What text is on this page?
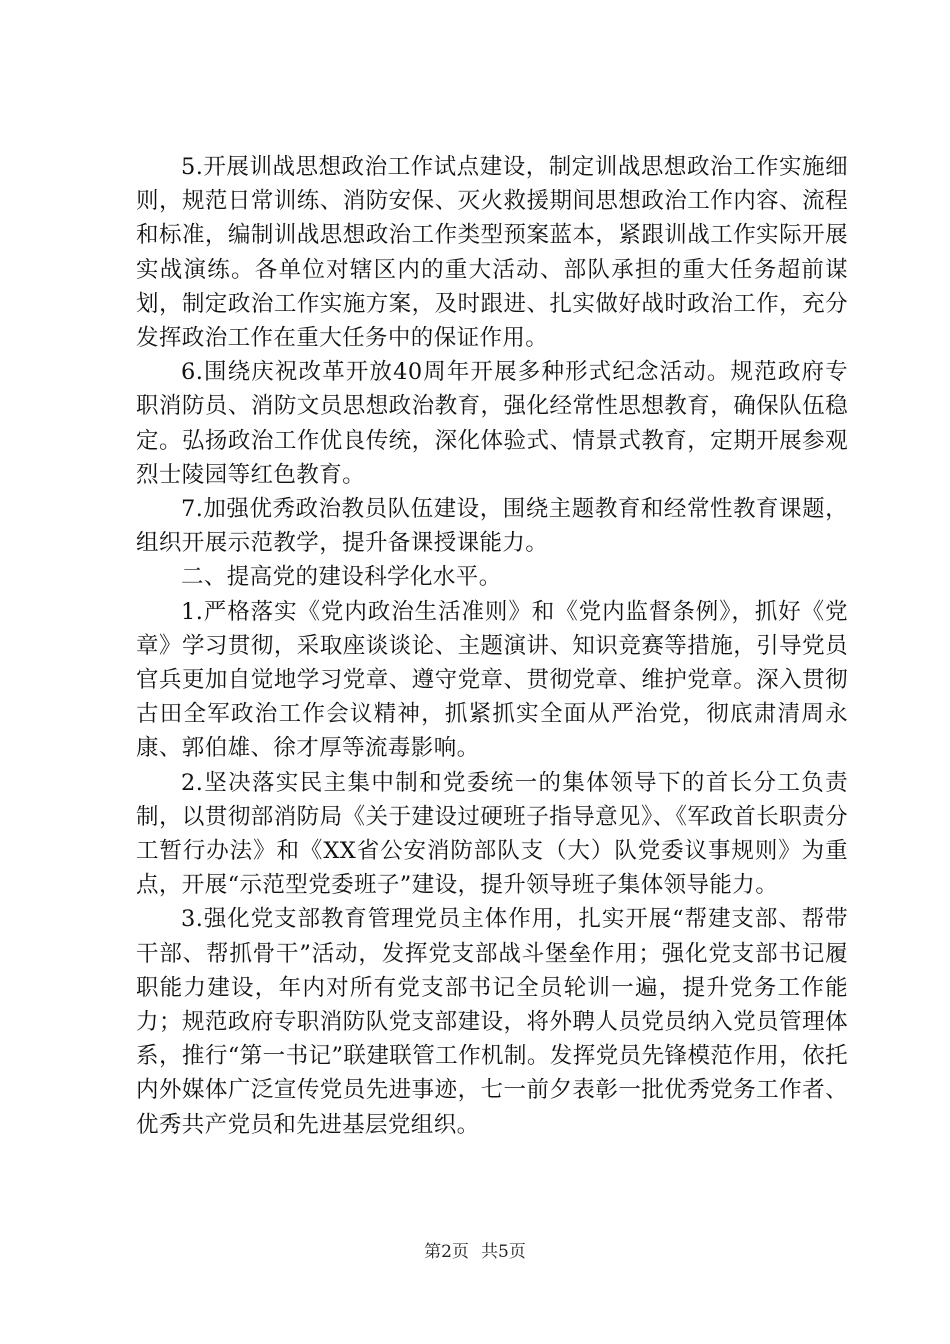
5.开展训战思想政治工作试点建设，制定训战思想政治工作实施细则，规范日常训练、消防安保、灭火救援期间思想政治工作内容、流程和标准，编制训战思想政治工作类型预案蓝本，紧跟训战工作实际开展实战演练。各单位对辖区内的重大活动、部队承担的重大任务超前谋划，制定政治工作实施方案，及时跟进、扎实做好战时政治工作，充分发挥政治工作在重大任务中的保证作用。

6.围绕庆祝改革开放40周年开展多种形式纪念活动。规范政府专职消防员、消防文员思想政治教育，强化经常性思想教育，确保队伍稳定。弘扬政治工作优良传统，深化体验式、情景式教育，定期开展参观烈士陵园等红色教育。

7.加强优秀政治教员队伍建设，围绕主题教育和经常性教育课题，组织开展示范教学，提升备课授课能力。

二、提高党的建设科学化水平。

1.严格落实《党内政治生活准则》和《党内监督条例》，抓好《党章》学习贯彻，采取座谈谈论、主题演讲、知识竞赛等措施，引导党员官兵更加自觉地学习党章、遵守党章、贯彻党章、维护党章。深入贯彻古田全军政治工作会议精神，抓紧抓实全面从严治党，彻底肃清周永康、郭伯雄、徐才厚等流毒影响。

2.坚决落实民主集中制和党委统一的集体领导下的首长分工负责制，以贯彻部消防局《关于建设过硬班子指导意见》、《军政首长职责分工暂行办法》和《XX省公安消防部队支（大）队党委议事规则》为重点，开展“示范型党委班子”建设，提升领导班子集体领导能力。

3.强化党支部教育管理党员主体作用，扎实开展“帮建支部、帮带干部、帮抓骨干”活动，发挥党支部战斗堡垒作用；强化党支部书记履职能力建设，年内对所有党支部书记全员轮训一遍，提升党务工作能力；规范政府专职消防队党支部建设，将外聘人员党员纳入党员管理体系，推行“第一书记”联建联管工作机制。发挥党员先锋模范作用，依托内外媒体广泛宣传党员先进事迹，七一前夕表彰一批优秀党务工作者、优秀共产党员和先进基层党组织。

第2页 共5页
